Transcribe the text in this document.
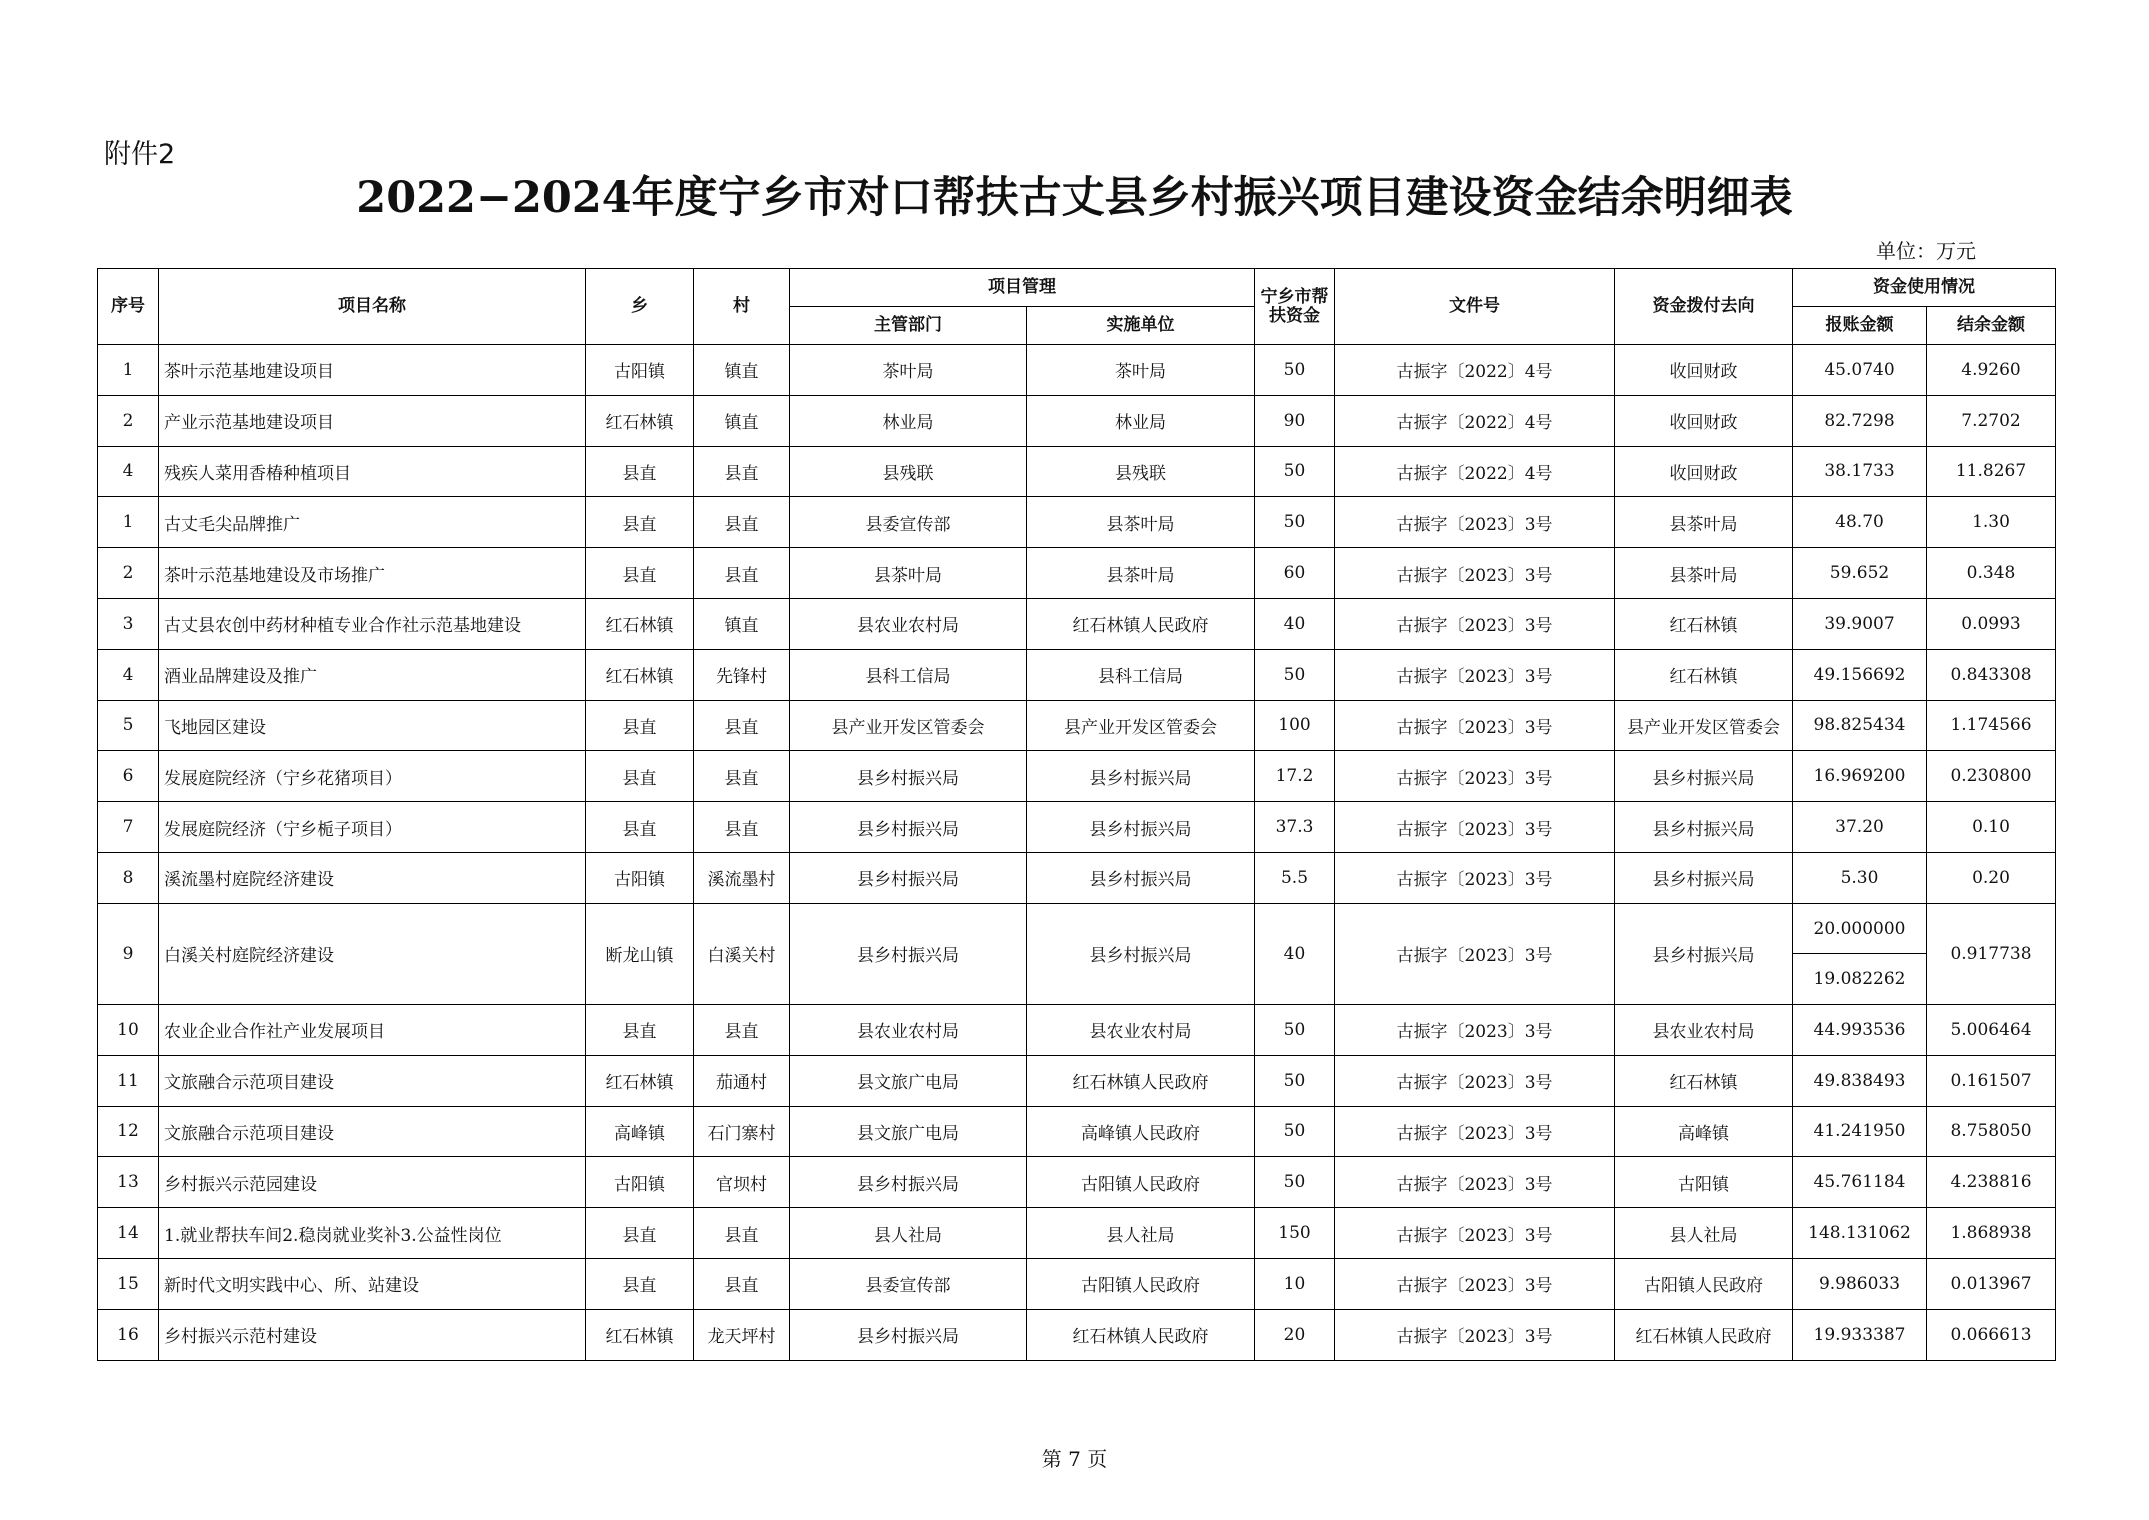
附件2
2022−2024年度宁乡市对口帮扶古丈县乡村振兴项目建设资金结余明细表
单位：万元
序号	项目名称	乡	村	项目管理		宁乡市帮扶资金	文件号	资金拨付去向	资金使用情况	
				主管部门	实施单位				报账金额	结余金额
1	茶叶示范基地建设项目	古阳镇	镇直	茶叶局	茶叶局	50	古振字〔2022〕4号	收回财政	45.0740	4.9260
2	产业示范基地建设项目	红石林镇	镇直	林业局	林业局	90	古振字〔2022〕4号	收回财政	82.7298	7.2702
4	残疾人菜用香椿种植项目	县直	县直	县残联	县残联	50	古振字〔2022〕4号	收回财政	38.1733	11.8267
1	古丈毛尖品牌推广	县直	县直	县委宣传部	县茶叶局	50	古振字〔2023〕3号	县茶叶局	48.70	1.30
2	茶叶示范基地建设及市场推广	县直	县直	县茶叶局	县茶叶局	60	古振字〔2023〕3号	县茶叶局	59.652	0.348
3	古丈县农创中药材种植专业合作社示范基地建设	红石林镇	镇直	县农业农村局	红石林镇人民政府	40	古振字〔2023〕3号	红石林镇	39.9007	0.0993
4	酒业品牌建设及推广	红石林镇	先锋村	县科工信局	县科工信局	50	古振字〔2023〕3号	红石林镇	49.156692	0.843308
5	飞地园区建设	县直	县直	县产业开发区管委会	县产业开发区管委会	100	古振字〔2023〕3号	县产业开发区管委会	98.825434	1.174566
6	发展庭院经济（宁乡花猪项目）	县直	县直	县乡村振兴局	县乡村振兴局	17.2	古振字〔2023〕3号	县乡村振兴局	16.969200	0.230800
7	发展庭院经济（宁乡栀子项目）	县直	县直	县乡村振兴局	县乡村振兴局	37.3	古振字〔2023〕3号	县乡村振兴局	37.20	0.10
8	溪流墨村庭院经济建设	古阳镇	溪流墨村	县乡村振兴局	县乡村振兴局	5.5	古振字〔2023〕3号	县乡村振兴局	5.30	0.20
9	白溪关村庭院经济建设	断龙山镇	白溪关村	县乡村振兴局	县乡村振兴局	40	古振字〔2023〕3号	县乡村振兴局	20.000000	0.917738
									19.082262	
10	农业企业合作社产业发展项目	县直	县直	县农业农村局	县农业农村局	50	古振字〔2023〕3号	县农业农村局	44.993536	5.006464
11	文旅融合示范项目建设	红石林镇	茄通村	县文旅广电局	红石林镇人民政府	50	古振字〔2023〕3号	红石林镇	49.838493	0.161507
12	文旅融合示范项目建设	高峰镇	石门寨村	县文旅广电局	高峰镇人民政府	50	古振字〔2023〕3号	高峰镇	41.241950	8.758050
13	乡村振兴示范园建设	古阳镇	官坝村	县乡村振兴局	古阳镇人民政府	50	古振字〔2023〕3号	古阳镇	45.761184	4.238816
14	1.就业帮扶车间2.稳岗就业奖补3.公益性岗位	县直	县直	县人社局	县人社局	150	古振字〔2023〕3号	县人社局	148.131062	1.868938
15	新时代文明实践中心、所、站建设	县直	县直	县委宣传部	古阳镇人民政府	10	古振字〔2023〕3号	古阳镇人民政府	9.986033	0.013967
16	乡村振兴示范村建设	红石林镇	龙天坪村	县乡村振兴局	红石林镇人民政府	20	古振字〔2023〕3号	红石林镇人民政府	19.933387	0.066613
第 7 页
